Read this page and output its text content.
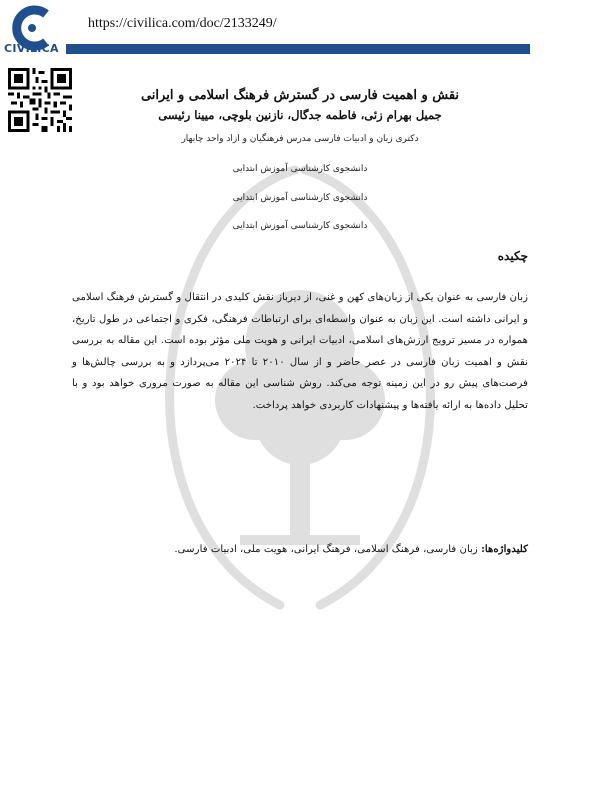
CIVILICA
https://civilica.com/doc/2133249/
نقش و اهمیت فارسی در گسترش فرهنگ اسلامی و ایرانی
جمیل بهرام زئی، فاطمه جدگال، نازنین بلوچی، میینا رئیسی
دکتری زبان و ادبیات فارسی مدرس فرهنگیان و ازاد واحد چابهار
دانشجوی کارشناسی آموزش ابتدایی
دانشجوی کارشناسی آموزش ابتدایی
دانشجوی کارشناسی آموزش ابتدایی
چکیده
زبان فارسی به عنوان یکی از زبان‌های کهن و غنی، از دیرباز نقش کلیدی در انتقال و گسترش فرهنگ اسلامی و ایرانی داشته است. این زبان به عنوان واسطه‌ای برای ارتباطات فرهنگی، فکری و اجتماعی در طول تاریخ، همواره در مسیر ترویج ارزش‌های اسلامی، ادبیات ایرانی و هویت ملی مؤثر بوده است. این مقاله به بررسی نقش و اهمیت زبان فارسی در عصر حاضر و از سال ۲۰۱۰ تا ۲۰۲۴ می‌پردازد و به بررسی چالش‌ها و فرصت‌های پیش رو در این زمینه توجه می‌کند. روش شناسی این مقاله به صورت مروری خواهد بود و با تحلیل داده‌ها به ارائه یافته‌ها و پیشنهادات کاربردی خواهد پرداخت.
کلیدواژه‌ها: زبان فارسی، فرهنگ اسلامی، فرهنگ ایرانی، هویت ملی، ادبیات فارسی.
